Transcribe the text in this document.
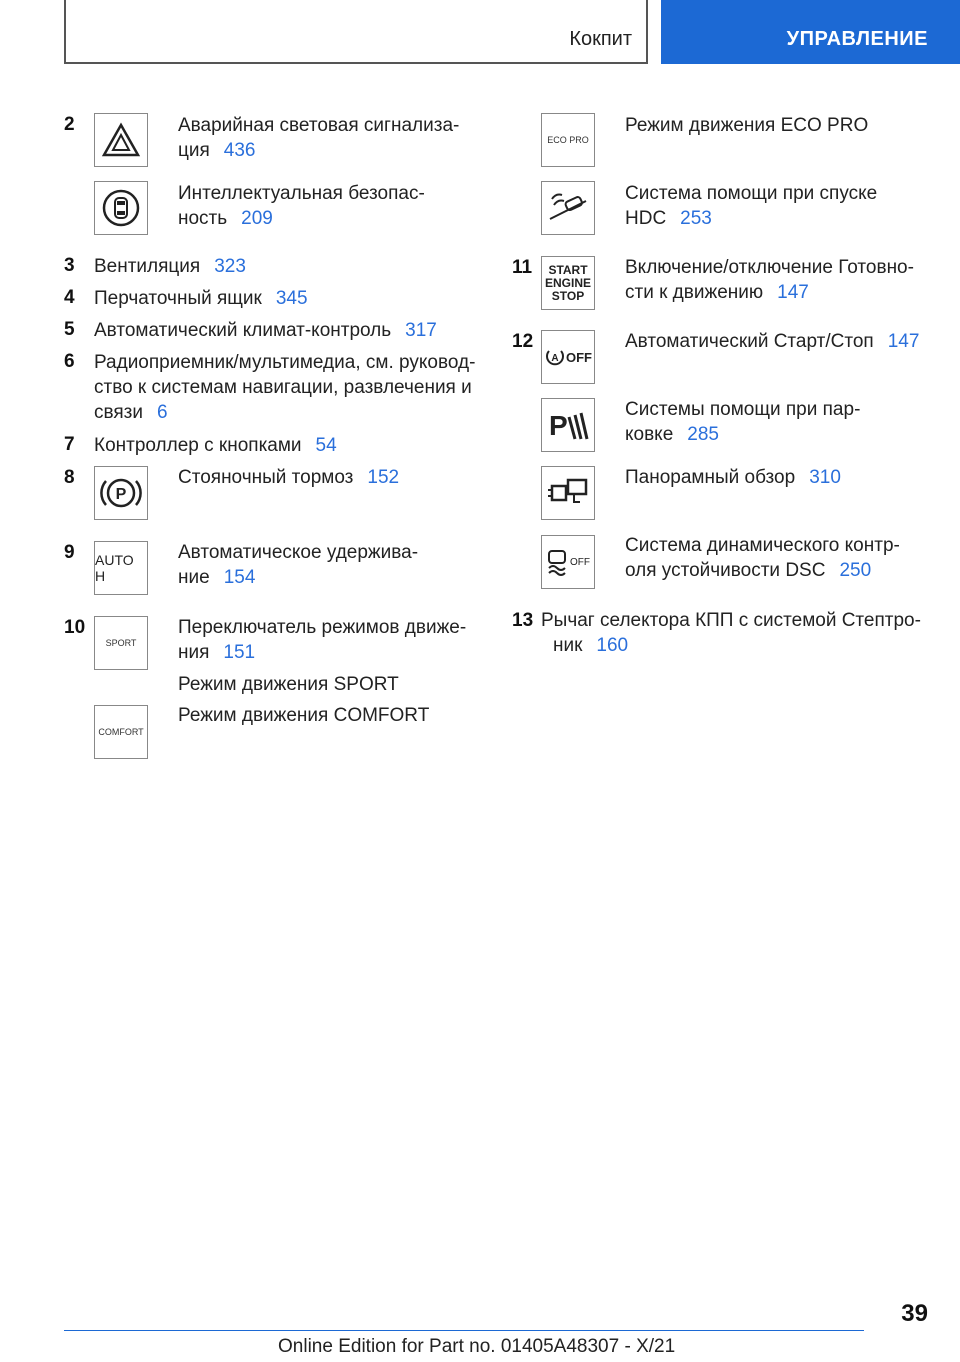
Кокпит	УПРАВЛЕНИЕ
2	Аварийная световая сигнализа-
ция 436
Интеллектуальная безопас-
ность 209
3 Вентиляция 323
4 Перчаточный ящик 345
5 Автоматический климат-контроль 317
6 Радиоприемник/мультимедиа, см. руковод-
ство к системам навигации, развлечения и
связи 6
7 Контроллер с кнопками 54
8
P
Стояночный тормоз 152
9 AUTO H
Автоматическое удержива-
ние 154
10
SPORT
Переключатель режимов движе-
ния 151
Режим движения SPORT
COMFORT
Режим движения COMFORT
ECO PRO
Режим движения ECO PRO
Система помощи при спуске
HDC 253
11 START
ENGINE
STOP
Включение/отключение Готовно-
сти к движению 147
12
A OFF
Автоматический Старт/Стоп 147
P
Системы помощи при пар-
ковке 285
Панорамный обзор 310
OFF
Система динамического контр-
оля устойчивости DSC 250
13 Рычаг селектора КПП с системой Стептро-
ник 160
39
Online Edition for Part no. 01405A48307 - X/21
